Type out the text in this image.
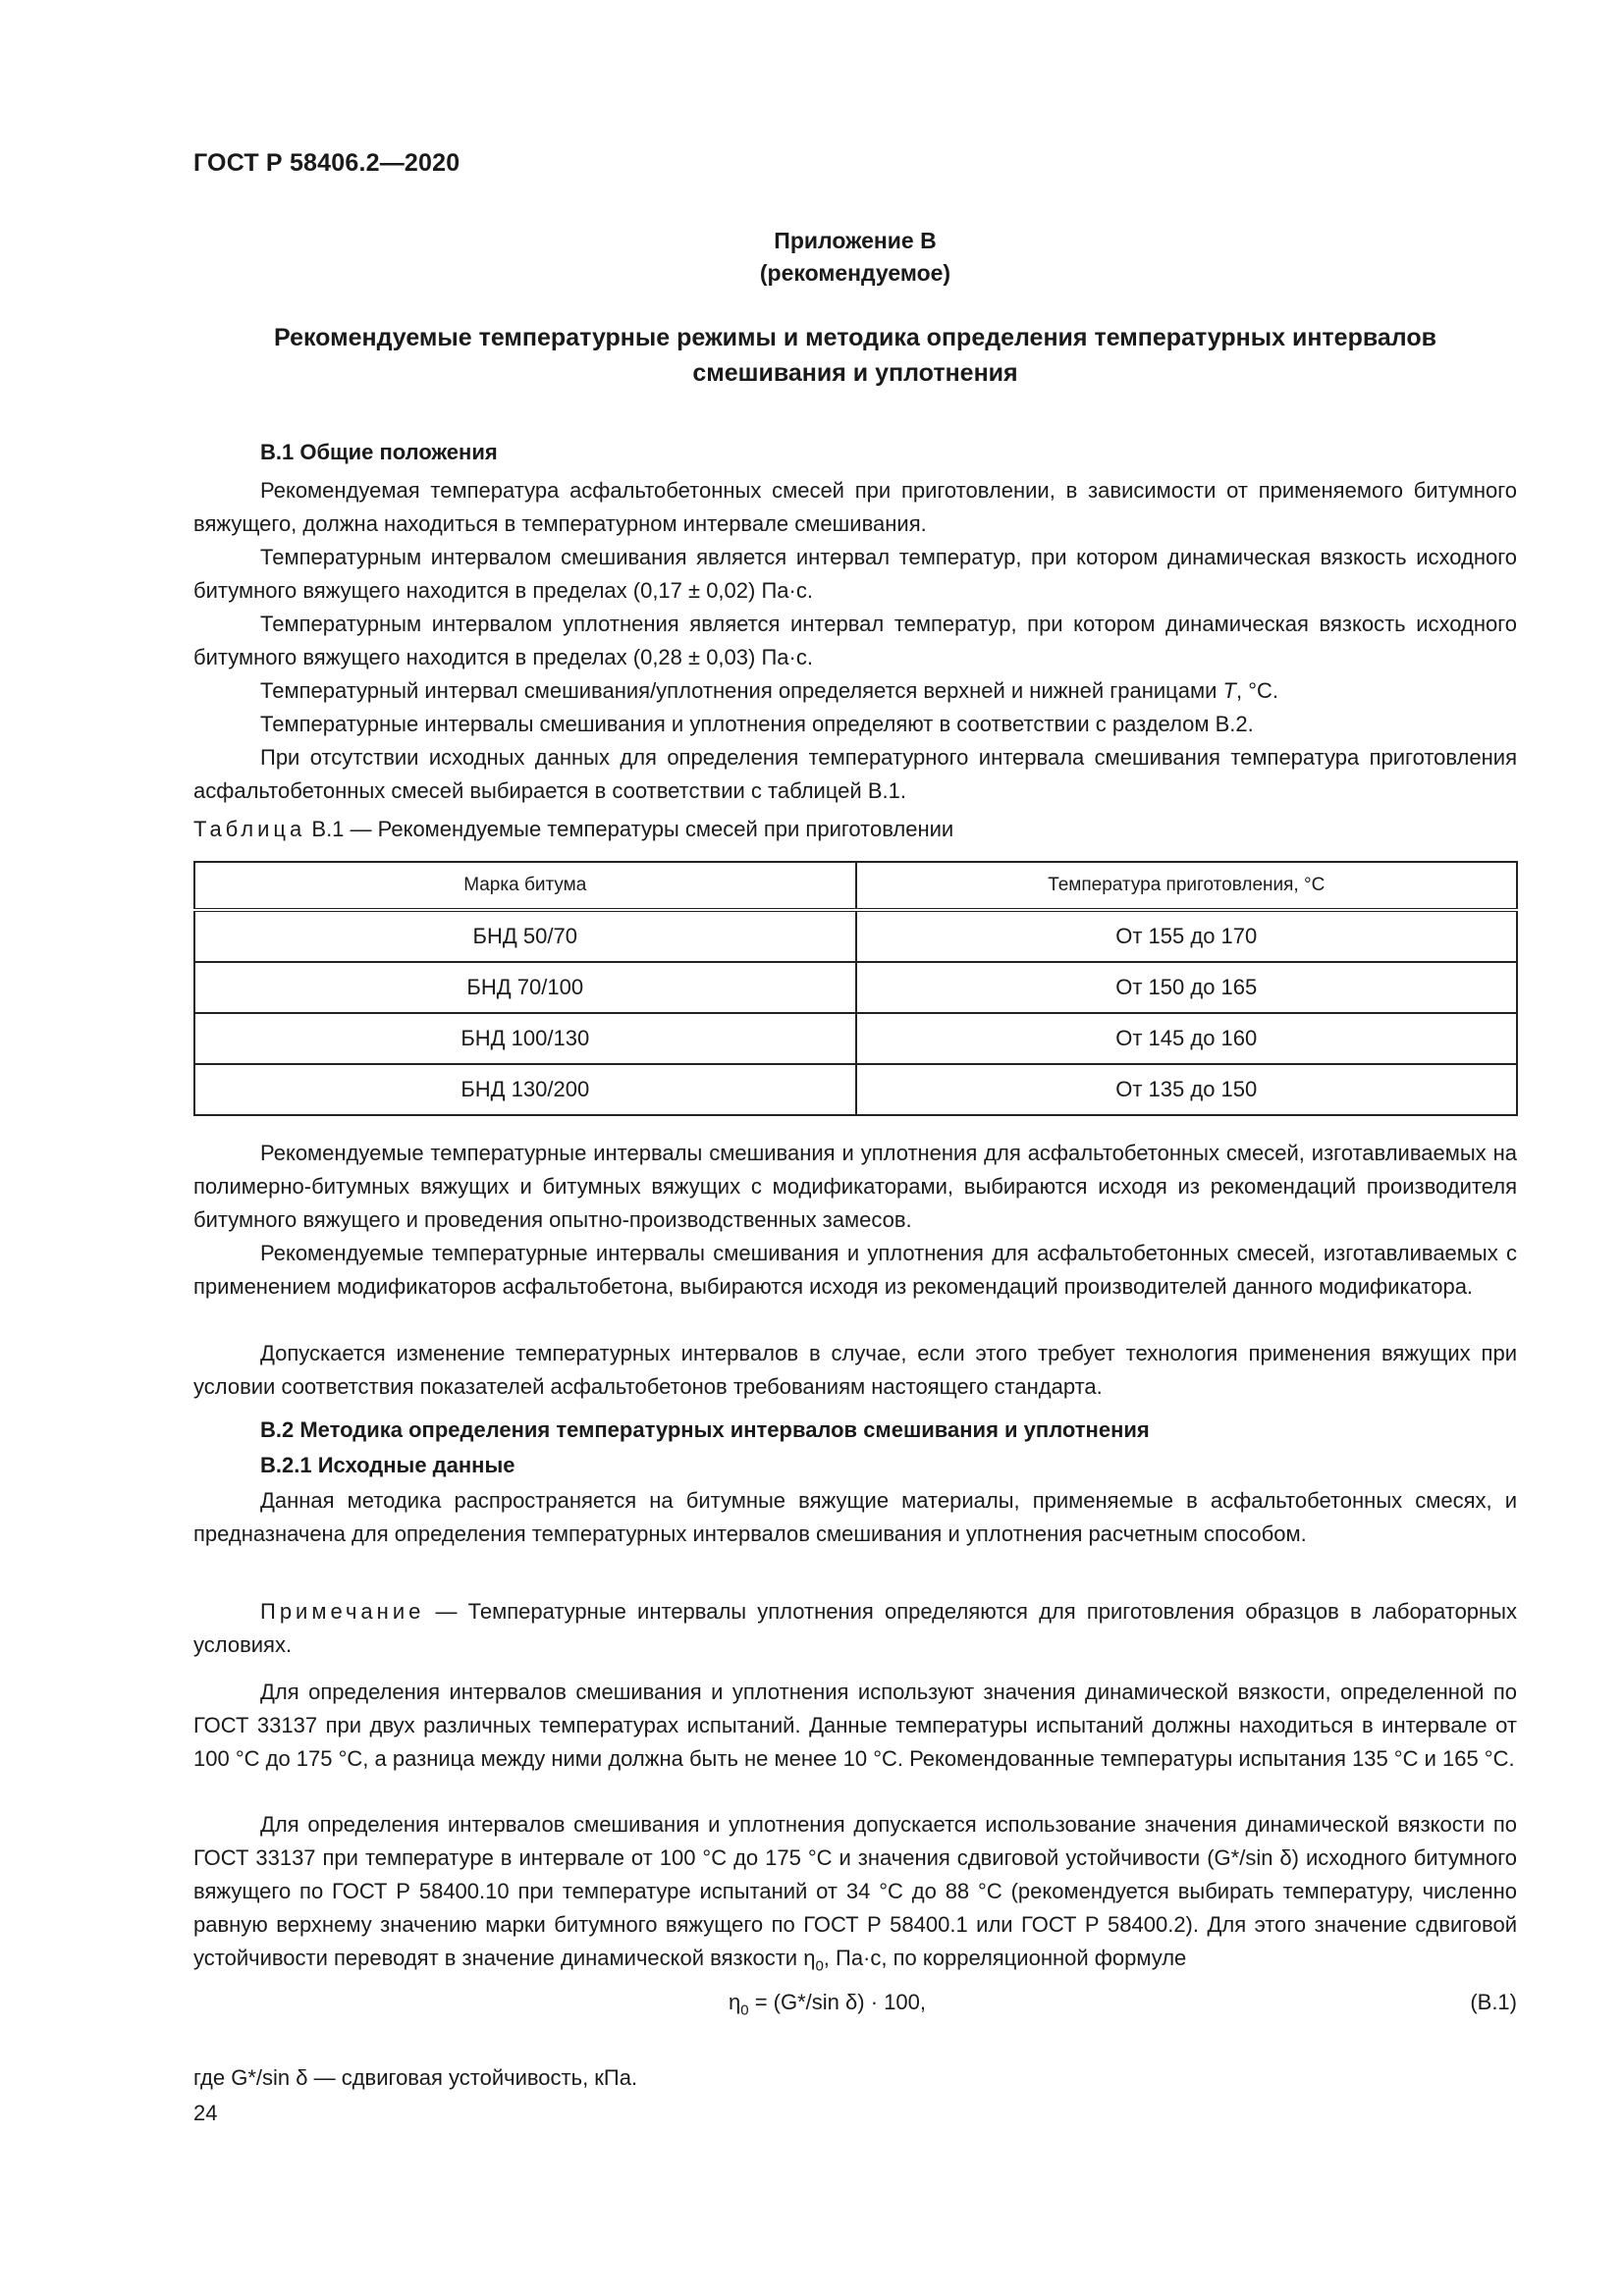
ГОСТ Р 58406.2—2020
Приложение В
(рекомендуемое)
Рекомендуемые температурные режимы и методика определения температурных интервалов
смешивания и уплотнения
В.1 Общие положения

Рекомендуемая температура асфальтобетонных смесей при приготовлении, в зависимости от применяемого битумного вяжущего, должна находиться в температурном интервале смешивания.

Температурным интервалом смешивания является интервал температур, при котором динамическая вязкость исходного битумного вяжущего находится в пределах (0,17 ± 0,02) Па·с.

Температурным интервалом уплотнения является интервал температур, при котором динамическая вязкость исходного битумного вяжущего находится в пределах (0,28 ± 0,03) Па·с.

Температурный интервал смешивания/уплотнения определяется верхней и нижней границами T, °С.

Температурные интервалы смешивания и уплотнения определяют в соответствии с разделом В.2.

При отсутствии исходных данных для определения температурного интервала смешивания температура приготовления асфальтобетонных смесей выбирается в соответствии с таблицей В.1.

Таблица В.1 — Рекомендуемые температуры смесей при приготовлении
Марка битума	Температура приготовления, °С
БНД 50/70	От 155 до 170
БНД 70/100	От 150 до 165
БНД 100/130	От 145 до 160
БНД 130/200	От 135 до 150

Рекомендуемые температурные интервалы смешивания и уплотнения для асфальтобетонных смесей, изготавливаемых на полимерно-битумных вяжущих и битумных вяжущих с модификаторами, выбираются исходя из рекомендаций производителя битумного вяжущего и проведения опытно-производственных замесов.

Рекомендуемые температурные интервалы смешивания и уплотнения для асфальтобетонных смесей, изготавливаемых с применением модификаторов асфальтобетона, выбираются исходя из рекомендаций производителей данного модификатора.

Допускается изменение температурных интервалов в случае, если этого требует технология применения вяжущих при условии соответствия показателей асфальтобетонов требованиям настоящего стандарта.

В.2 Методика определения температурных интервалов смешивания и уплотнения
В.2.1 Исходные данные

Данная методика распространяется на битумные вяжущие материалы, применяемые в асфальтобетонных смесях, и предназначена для определения температурных интервалов смешивания и уплотнения расчетным способом.

Примечание — Температурные интервалы уплотнения определяются для приготовления образцов в лабораторных условиях.

Для определения интервалов смешивания и уплотнения используют значения динамической вязкости, определенной по ГОСТ 33137 при двух различных температурах испытаний. Данные температуры испытаний должны находиться в интервале от 100 °С до 175 °С, а разница между ними должна быть не менее 10 °С. Рекомендованные температуры испытания 135 °С и 165 °С.

Для определения интервалов смешивания и уплотнения допускается использование значения динамической вязкости по ГОСТ 33137 при температуре в интервале от 100 °С до 175 °С и значения сдвиговой устойчивости (G*/sin δ) исходного битумного вяжущего по ГОСТ Р 58400.10 при температуре испытаний от 34 °С до 88 °С (рекомендуется выбирать температуру, численно равную верхнему значению марки битумного вяжущего по ГОСТ Р 58400.1 или ГОСТ Р 58400.2). Для этого значение сдвиговой устойчивости переводят в значение динамической вязкости $\eta_0$, Па·с, по корреляционной формуле

$\eta_0 = (G*/\sin$ δ) · 100,	(В.1)
где G*/sin δ — сдвиговая устойчивость, кПа.
24
